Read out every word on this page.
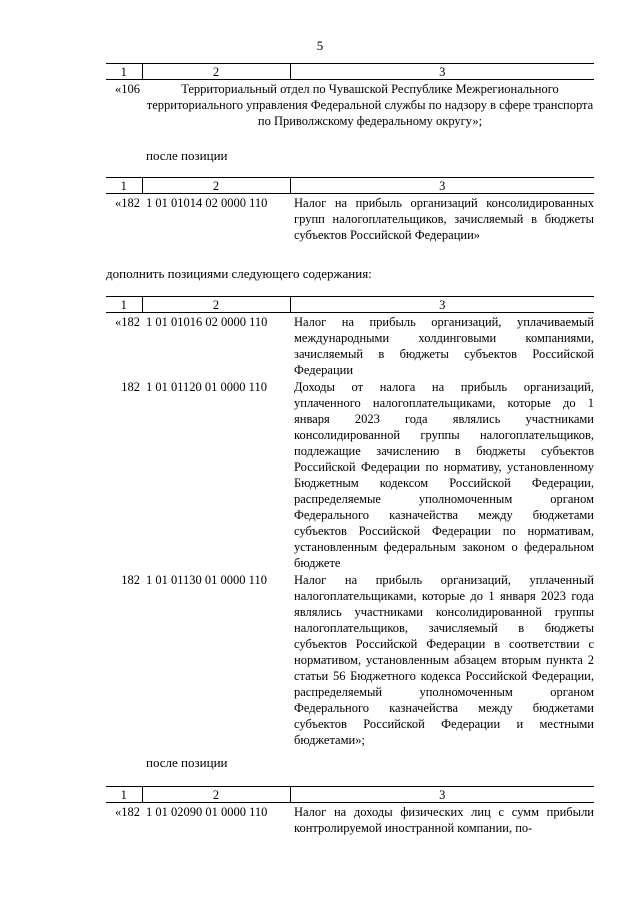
5
1	2	3
«106	Территориальный отдел по Чувашской Республике Межрегионального территориального управления Федеральной службы по надзору в сфере транспорта по Приволжскому федеральному округу»;	
после позиции
1	2	3
«182	1 01 01014 02 0000 110	Налог на прибыль организаций консолидированных групп налогоплательщиков, зачисляемый в бюджеты субъектов Российской Федерации»
дополнить позициями следующего содержания:
1	2	3
«182	1 01 01016 02 0000 110	Налог на прибыль организаций, уплачиваемый международными холдинговыми компаниями, зачисляемый в бюджеты субъектов Российской Федерации
182	1 01 01120 01 0000 110	Доходы от налога на прибыль организаций, уплаченного налогоплательщиками, которые до 1 января 2023 года являлись участниками консолидированной группы налогоплательщиков, подлежащие зачислению в бюджеты субъектов Российской Федерации по нормативу, установленному Бюджетным кодексом Российской Федерации, распределяемые уполномоченным органом Федерального казначейства между бюджетами субъектов Российской Федерации по нормативам, установленным федеральным законом о федеральном бюджете
182	1 01 01130 01 0000 110	Налог на прибыль организаций, уплаченный налогоплательщиками, которые до 1 января 2023 года являлись участниками консолидированной группы налогоплательщиков, зачисляемый в бюджеты субъектов Российской Федерации в соответствии с нормативом, установленным абзацем вторым пункта 2 статьи 56 Бюджетного кодекса Российской Федерации, распределяемый уполномоченным органом Федерального казначейства между бюджетами субъектов Российской Федерации и местными бюджетами»;
после позиции
1	2	3
«182	1 01 02090 01 0000 110	Налог на доходы физических лиц с сумм прибыли контролируемой иностранной компании, по-
